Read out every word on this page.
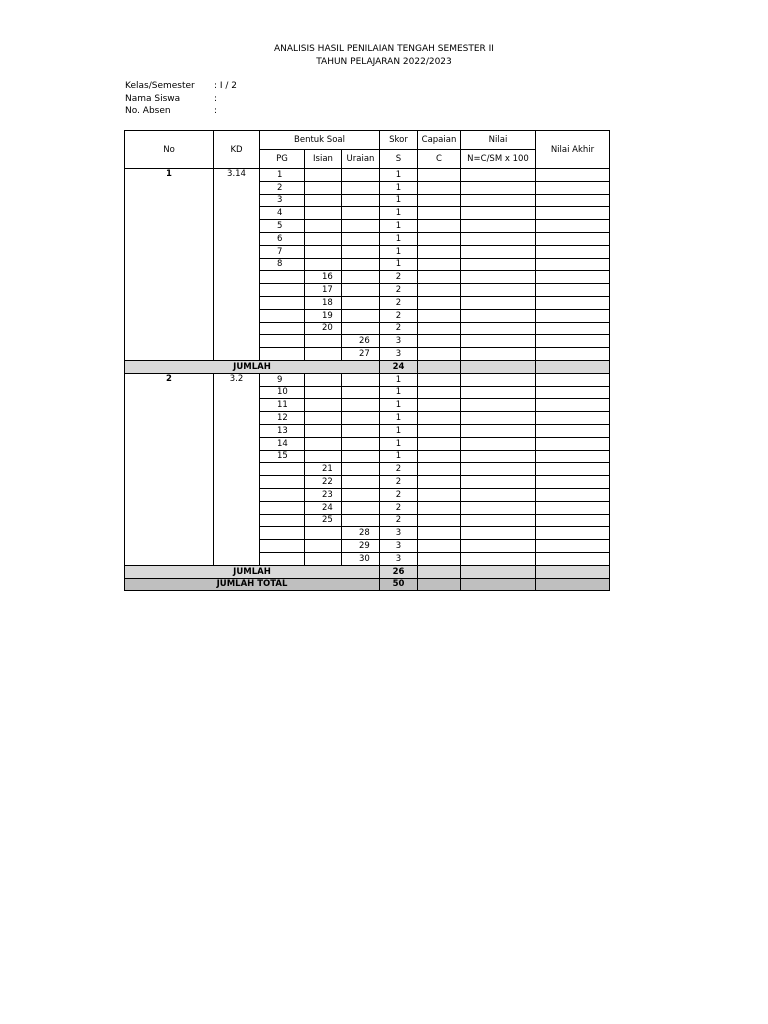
ANALISIS HASIL PENILAIAN TENGAH SEMESTER II
TAHUN PELAJARAN 2022/2023
Kelas/Semester : I / 2
Nama Siswa	:
No. Absen	:
No	KD	Bentuk Soal			Skor	Capaian	Nilai	Nilai Akhir
		PG	Isian	Uraian	S	C	N=C/SM x 100	
1	3.14	1			1			
		2			1			
		3			1			
		4			1			
		5			1			
		6			1			
		7			1			
		8			1			
			16		2			
			17		2			
			18		2			
			19		2			
			20		2			
				26	3			
				27	3			
JUMLAH					24			
2	3.2	9			1			
		10			1			
		11			1			
		12			1			
		13			1			
		14			1			
		15			1			
			21		2			
			22		2			
			23		2			
			24		2			
			25		2			
				28	3			
				29	3			
				30	3			
JUMLAH					26			
JUMLAH TOTAL					50			
